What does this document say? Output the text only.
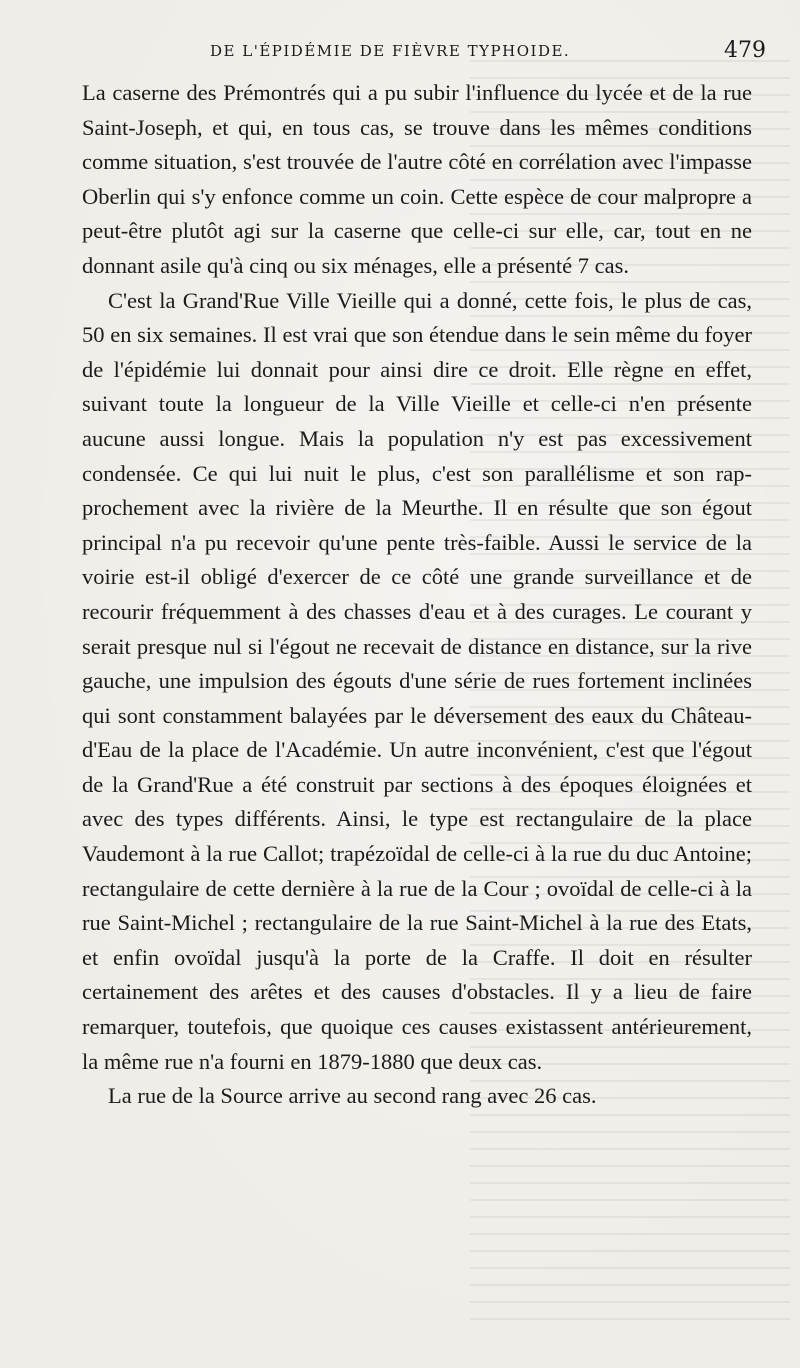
DE L'ÉPIDÉMIE DE FIÈVRE TYPHOIDE.	479

La caserne des Prémontrés qui a pu subir l'influence du lycée et de la rue Saint-Joseph, et qui, en tous cas, se trouve dans les mêmes conditions comme situation, s'est trouvée de l'autre côté en corrélation avec l'impasse Oberlin qui s'y enfonce comme un coin. Cette espèce de cour malpropre a peut-être plutôt agi sur la caserne que celle-ci sur elle, car, tout en ne donnant asile qu'à cinq ou six ménages, elle a présenté 7 cas.

C'est la Grand'Rue Ville Vieille qui a donné, cette fois, le plus de cas, 50 en six semaines. Il est vrai que son étendue dans le sein même du foyer de l'épidémie lui donnait pour ainsi dire ce droit. Elle règne en effet, suivant toute la longueur de la Ville Vieille et celle-ci n'en présente aucune aussi longue. Mais la population n'y est pas excessivement condensée. Ce qui lui nuit le plus, c'est son parallélisme et son rapprochement avec la rivière de la Meurthe. Il en résulte que son égout principal n'a pu recevoir qu'une pente très-faible. Aussi le service de la voirie est-il obligé d'exercer de ce côté une grande surveillance et de recourir fréquemment à des chasses d'eau et à des curages. Le courant y serait presque nul si l'égout ne recevait de distance en distance, sur la rive gauche, une impulsion des égouts d'une série de rues fortement inclinées qui sont constamment balayées par le déversement des eaux du Château-d'Eau de la place de l'Académie. Un autre inconvénient, c'est que l'égout de la Grand'Rue a été construit par sections à des époques éloignées et avec des types différents. Ainsi, le type est rectangulaire de la place Vaudemont à la rue Callot; trapézoïdal de celle-ci à la rue du duc Antoine; rectangulaire de cette dernière à la rue de la Cour ; ovoïdal de celle-ci à la rue Saint-Michel ; rectangulaire de la rue Saint-Michel à la rue des Etats, et enfin ovoïdal jusqu'à la porte de la Craffe. Il doit en résulter certainement des arêtes et des causes d'obstacles. Il y a lieu de faire remarquer, toutefois, que quoique ces causes existassent antérieurement, la même rue n'a fourni en 1879-1880 que deux cas.

La rue de la Source arrive au second rang avec 26 cas.
